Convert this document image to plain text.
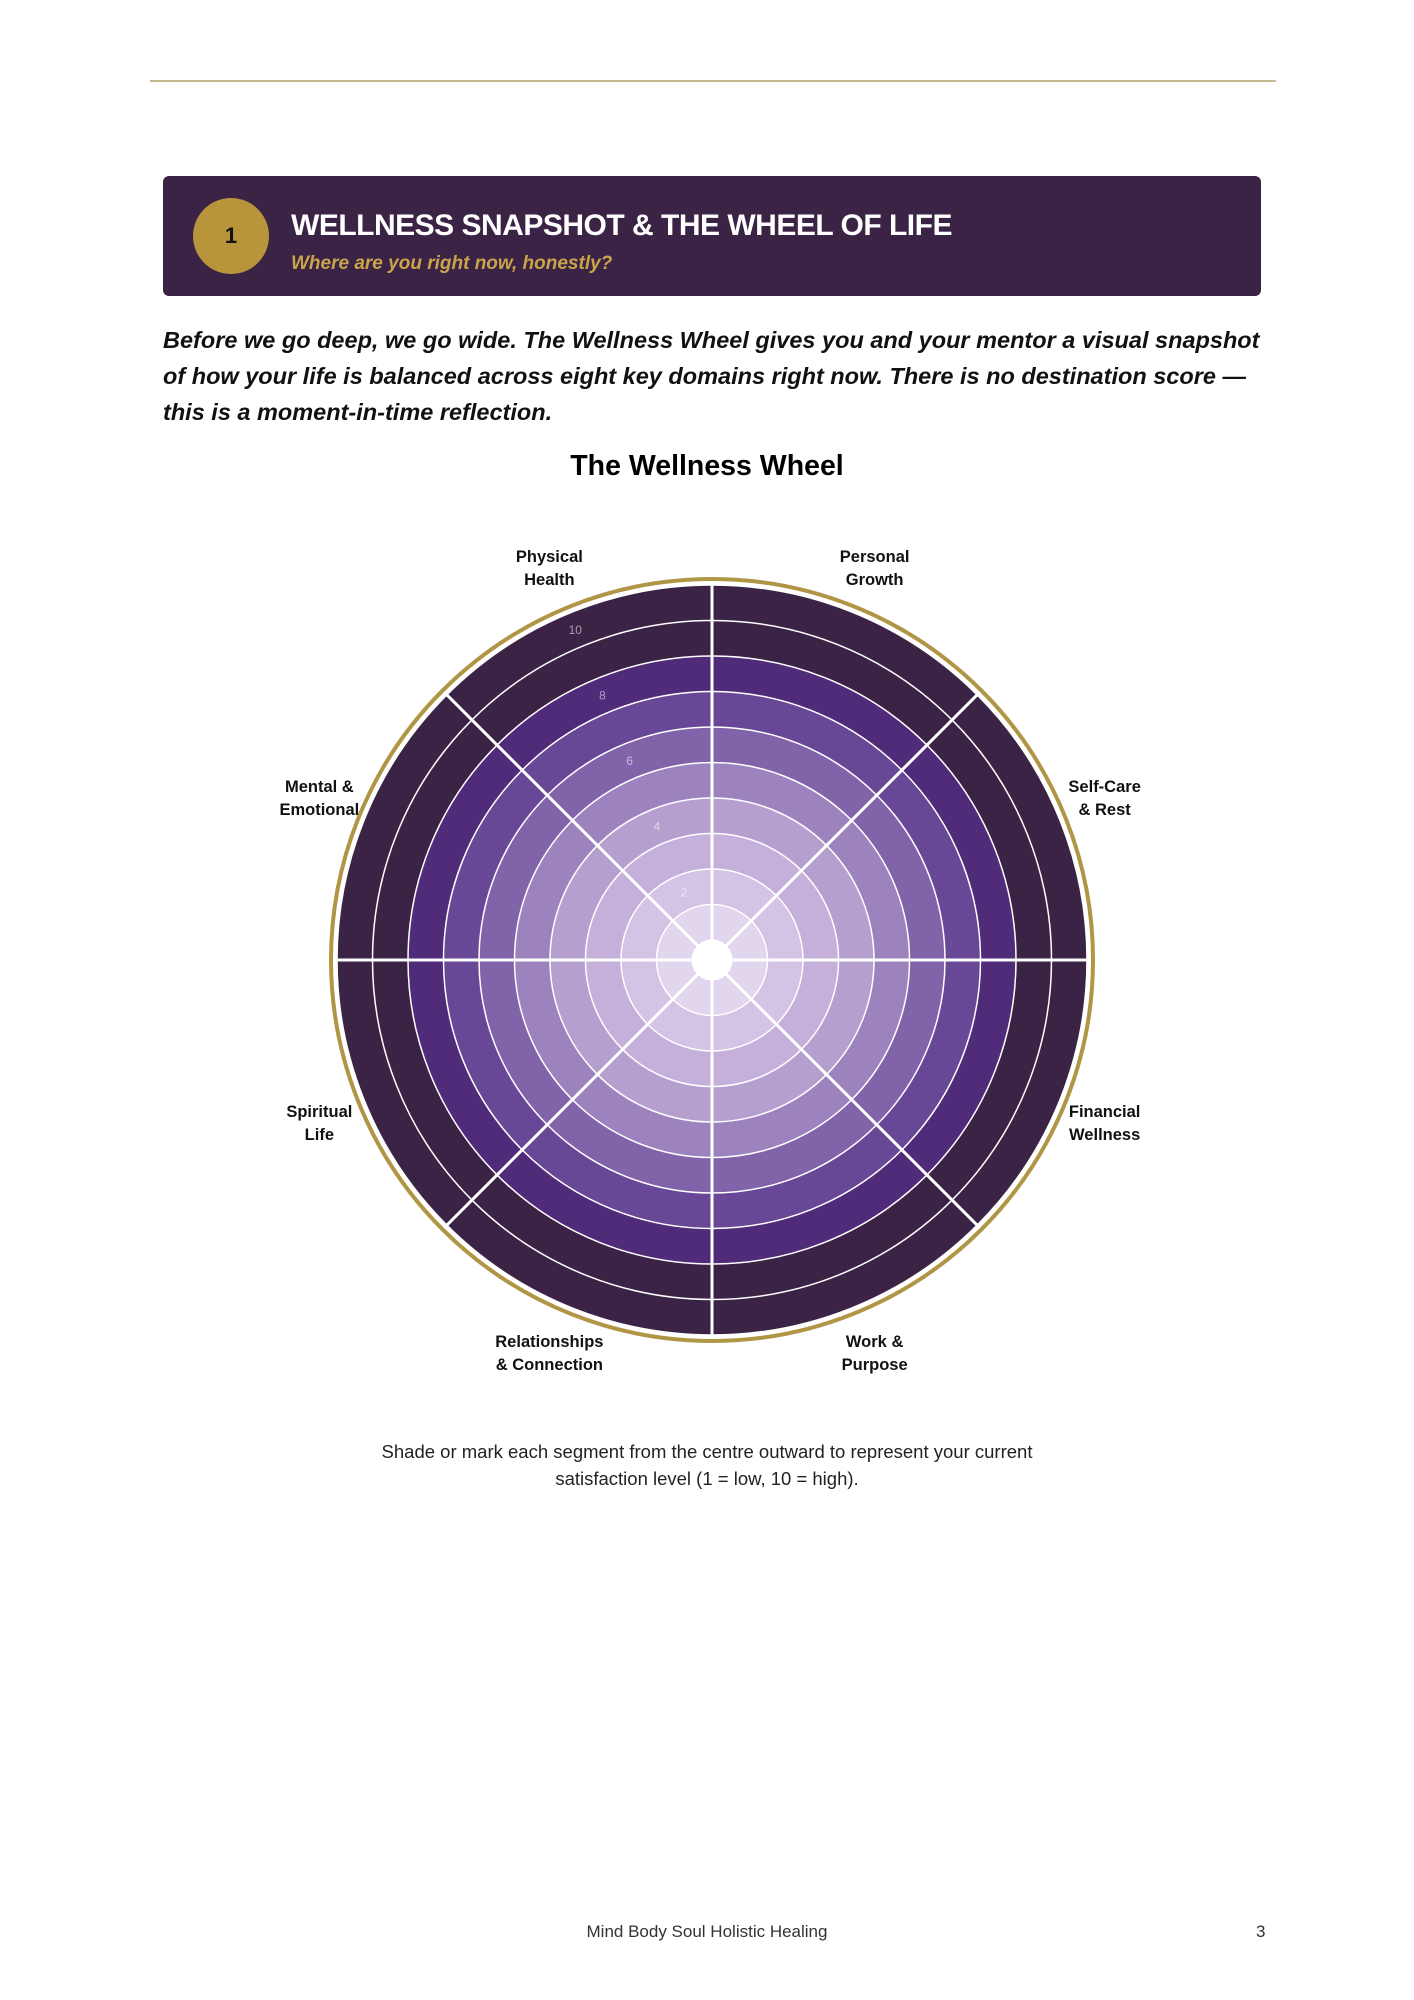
1	WELLNESS SNAPSHOT & THE WHEEL OF LIFE
Where are you right now, honestly?
Before we go deep, we go wide. The Wellness Wheel gives you and your mentor a visual snapshot of how your life is balanced across eight key domains right now. There is no destination score — this is a moment-in-time reflection.
The Wellness Wheel
2
4
6
8
10
Personal Growth
Self-Care & Rest
Financial Wellness
Work & Purpose
Relationships & Connection
Spiritual Life
Mental & Emotional
Physical Health
Shade or mark each segment from the centre outward to represent your current satisfaction level (1 = low, 10 = high).
Mind Body Soul Holistic Healing	3
